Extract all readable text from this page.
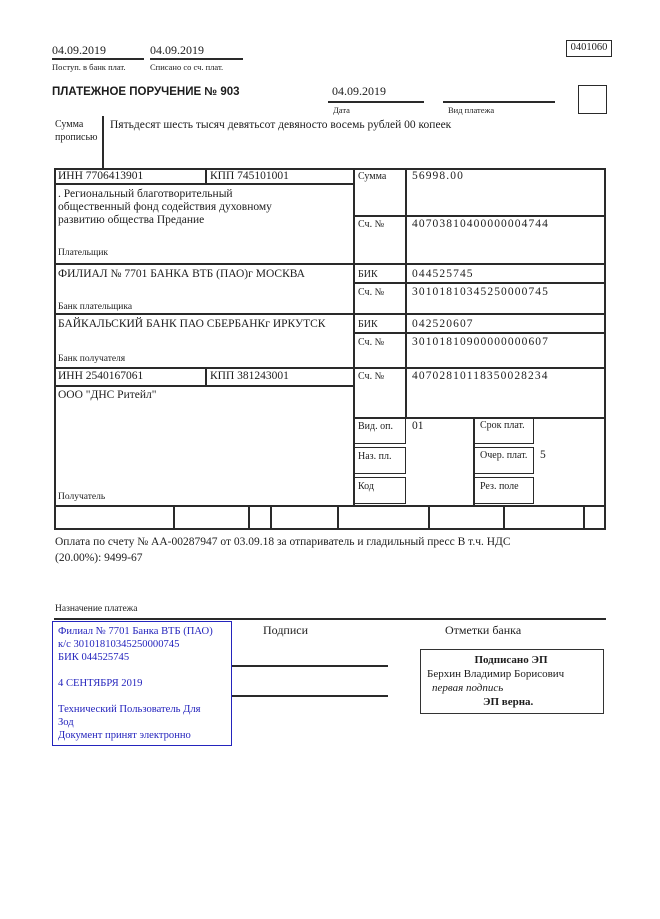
04.09.2019
Поступ. в банк плат.
04.09.2019
Списано со сч. плат.
0401060
ПЛАТЕЖНОЕ ПОРУЧЕНИЕ № 903	04.09.2019
Дата	Вид платежа
Сумма
прописью
Пятьдесят шесть тысяч девятьсот девяносто восемь рублей 00 копеек
ИНН 7706413901	КПП 745101001	Сумма 56998.00
. Региональный благотворительный
общественный фонд содействия духовному
развитию общества Предание	Сч. № 40703810400000004744
Плательщик
ФИЛИАЛ № 7701 БАНКА ВТБ (ПАО)г МОСКВА	БИК	044525745
Сч. № 30101810345250000745
Банк плательщика
БАЙКАЛЬСКИЙ БАНК ПАО СБЕРБАНКг ИРКУТСК	БИК	042520607
Сч. № 30101810900000000607
Банк получателя
ИНН 2540167061	КПП 381243001	Сч. № 40702810118350028234
ООО "ДНС Ритейл"
Получатель
Вид. оп. 01	Срок плат.
Наз. пл.	Очер. плат. 5
Код	Рез. поле
Оплата по счету № АА-00287947 от 03.09.18 за отпариватель и гладильный пресс В т.ч. НДС
(20.00%): 9499-67
Назначение платежа
Подписи	Отметки банка
Филиал № 7701 Банка ВТБ (ПАО)
к/с 30101810345250000745
БИК 044525745
4 СЕНТЯБРЯ 2019
Технический Пользователь Для
Зод
Документ принят электронно
Подписано ЭП
Берхин Владимир Борисович
первая подпись
ЭП верна.
